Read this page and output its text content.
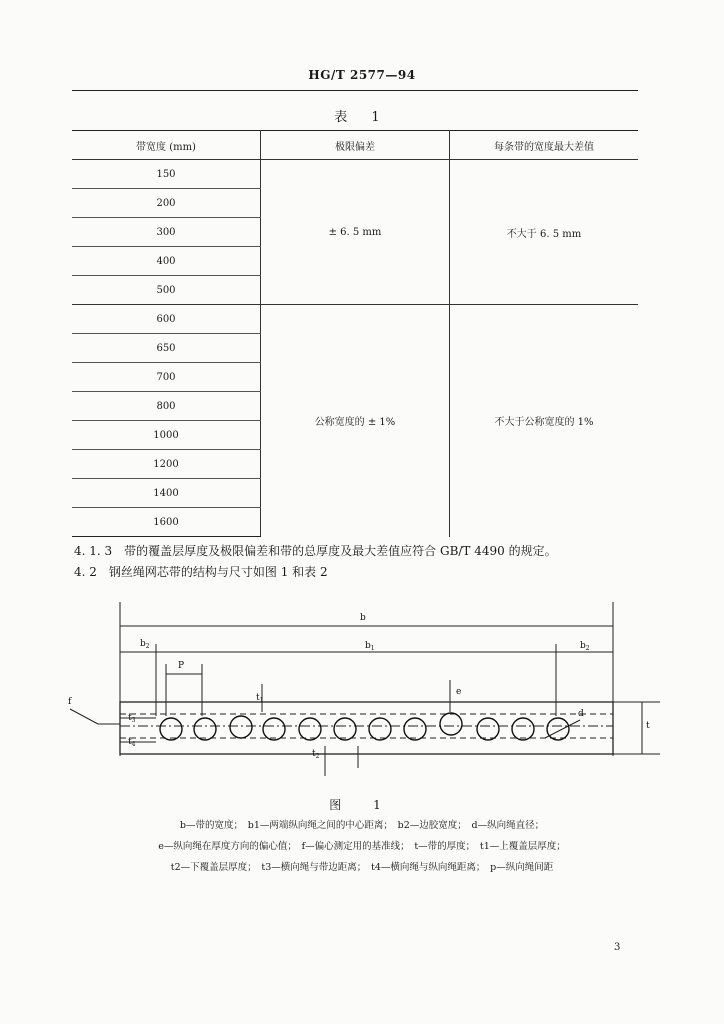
HG/T 2577—94
表 1
带宽度 (mm)	极限偏差	每条带的宽度最大差值
150	± 6. 5 mm	不大于 6. 5 mm
200		
300		
400		
500		
600	公称宽度的 ± 1%	不大于公称宽度的 1%
650		
700		
800		
1000		
1200		
1400		
1600		
4. 1. 3　带的覆盖层厚度及极限偏差和带的总厚度及最大差值应符合 GB/T 4490 的规定。
4. 2　钢丝绳网芯带的结构与尺寸如图 1 和表 2
b
$b_1$
$b_2$	$b_2$
P
f
$t_3$
$t_4$
d
t
$t_1$
$t_2$
e
图 1
b—带的宽度；　b1—两端纵向绳之间的中心距离；　b2—边胶宽度；　d—纵向绳直径；
e—纵向绳在厚度方向的偏心值；　f—偏心测定用的基准线；　t—带的厚度；　t1—上覆盖层厚度；
t2—下覆盖层厚度；　t3—横向绳与带边距离；　t4—横向绳与纵向绳距离；　p—纵向绳间距
3
